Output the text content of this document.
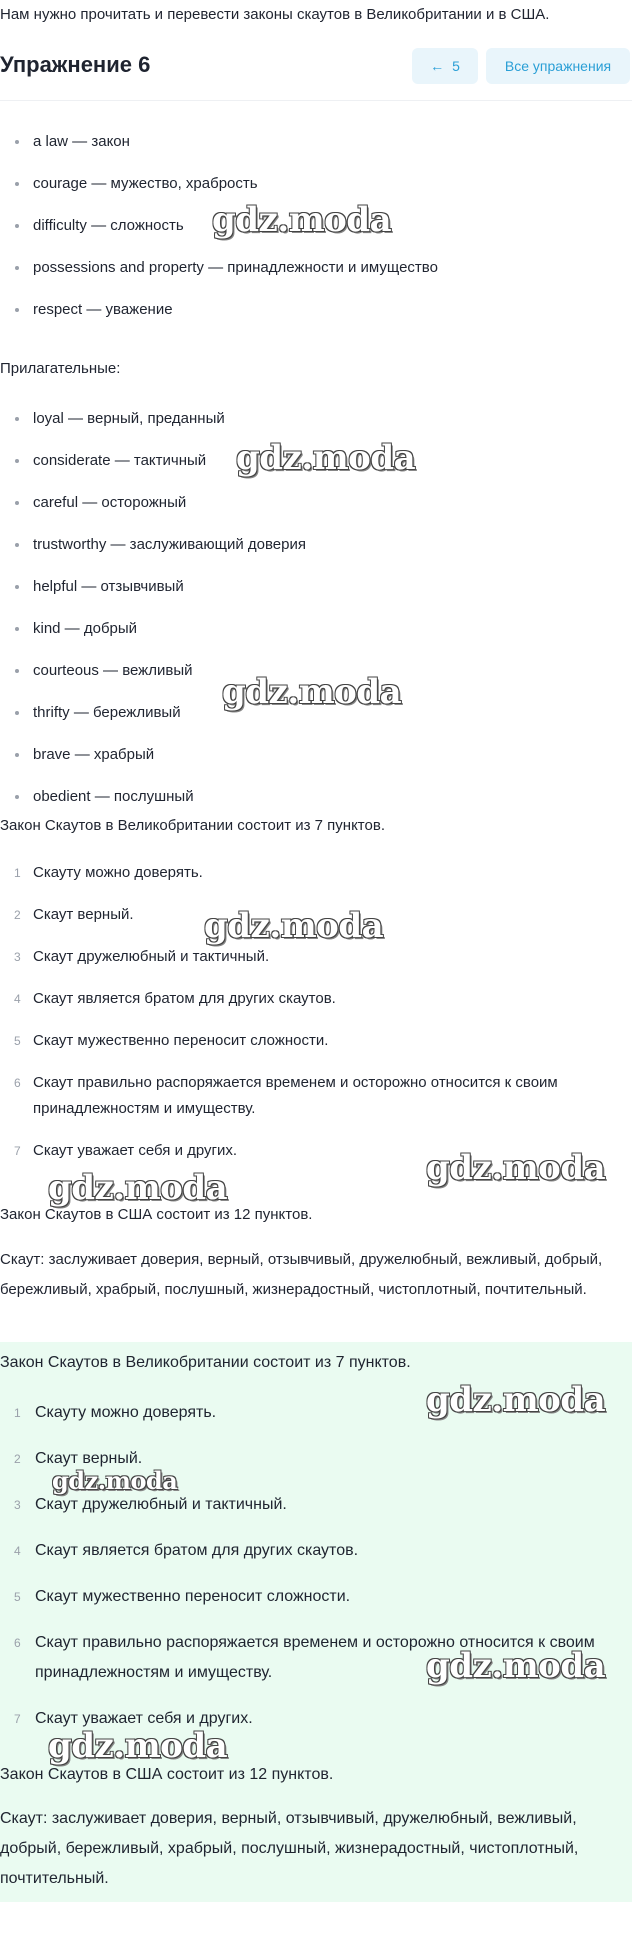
Нам нужно прочитать и перевести законы скаутов в Великобритании и в США.
Упражнение 6	← 5	Все упражнения
a law — закон
courage — мужество, храбрость
difficulty — сложность
possessions and property — принадлежности и имущество
respect — уважение

Прилагательные:

loyal — верный, преданный
considerate — тактичный
careful — осторожный
trustworthy — заслуживающий доверия
helpful — отзывчивый
kind — добрый
courteous — вежливый
thrifty — бережливый
brave — храбрый
obedient — послушный

Закон Скаутов в Великобритании состоит из 7 пунктов.

1 Скауту можно доверять.
2 Скаут верный.
3 Скаут дружелюбный и тактичный.
4 Скаут является братом для других скаутов.
5 Скаут мужественно переносит сложности.
6 Скаут правильно распоряжается временем и осторожно относится к своим принадлежностям и имуществу.
7 Скаут уважает себя и других.

Закон Скаутов в США состоит из 12 пунктов.

Скаут: заслуживает доверия, верный, отзывчивый, дружелюбный, вежливый, добрый, бережливый, храбрый, послушный, жизнерадостный, чистоплотный, почтительный.

Закон Скаутов в Великобритании состоит из 7 пунктов.

1 Скауту можно доверять.
2 Скаут верный.
3 Скаут дружелюбный и тактичный.
4 Скаут является братом для других скаутов.
5 Скаут мужественно переносит сложности.
6 Скаут правильно распоряжается временем и осторожно относится к своим принадлежностям и имуществу.
7 Скаут уважает себя и других.

Закон Скаутов в США состоит из 12 пунктов.

Скаут: заслуживает доверия, верный, отзывчивый, дружелюбный, вежливый, добрый, бережливый, храбрый, послушный, жизнерадостный, чистоплотный, почтительный.

gdz.moda
gdz.moda
gdz.moda
gdz.moda
gdz.moda
gdz.moda
gdz.moda
gdz.moda
gdz.moda
gdz.moda
